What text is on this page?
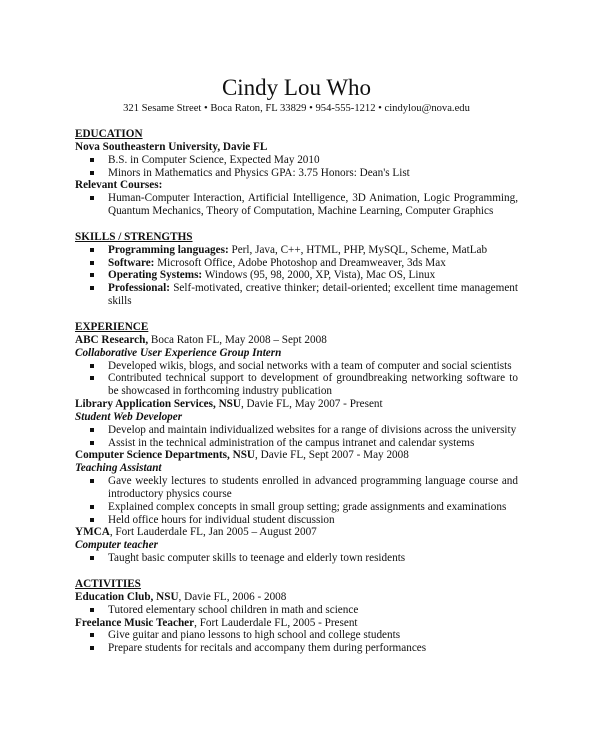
Cindy Lou Who
321 Sesame Street • Boca Raton, FL 33829 • 954-555-1212 • cindylou@nova.edu
EDUCATION
Nova Southeastern University, Davie FL
B.S. in Computer Science, Expected May 2010
Minors in Mathematics and Physics GPA: 3.75 Honors: Dean's List
Relevant Courses:
Human-Computer Interaction, Artificial Intelligence, 3D Animation, Logic Programming, Quantum Mechanics, Theory of Computation, Machine Learning, Computer Graphics
SKILLS / STRENGTHS
Programming languages: Perl, Java, C++, HTML, PHP, MySQL, Scheme, MatLab
Software: Microsoft Office, Adobe Photoshop and Dreamweaver, 3ds Max
Operating Systems: Windows (95, 98, 2000, XP, Vista), Mac OS, Linux
Professional: Self-motivated, creative thinker; detail-oriented; excellent time management skills
EXPERIENCE
ABC Research, Boca Raton FL, May 2008 – Sept 2008
Collaborative User Experience Group Intern
Developed wikis, blogs, and social networks with a team of computer and social scientists
Contributed technical support to development of groundbreaking networking software to be showcased in forthcoming industry publication
Library Application Services, NSU, Davie FL, May 2007 - Present
Student Web Developer
Develop and maintain individualized websites for a range of divisions across the university
Assist in the technical administration of the campus intranet and calendar systems
Computer Science Departments, NSU, Davie FL, Sept 2007 - May 2008
Teaching Assistant
Gave weekly lectures to students enrolled in advanced programming language course and introductory physics course
Explained complex concepts in small group setting; grade assignments and examinations
Held office hours for individual student discussion
YMCA, Fort Lauderdale FL, Jan 2005 – August 2007
Computer teacher
Taught basic computer skills to teenage and elderly town residents
ACTIVITIES
Education Club, NSU, Davie FL, 2006 - 2008
Tutored elementary school children in math and science
Freelance Music Teacher, Fort Lauderdale FL, 2005 - Present
Give guitar and piano lessons to high school and college students
Prepare students for recitals and accompany them during performances
